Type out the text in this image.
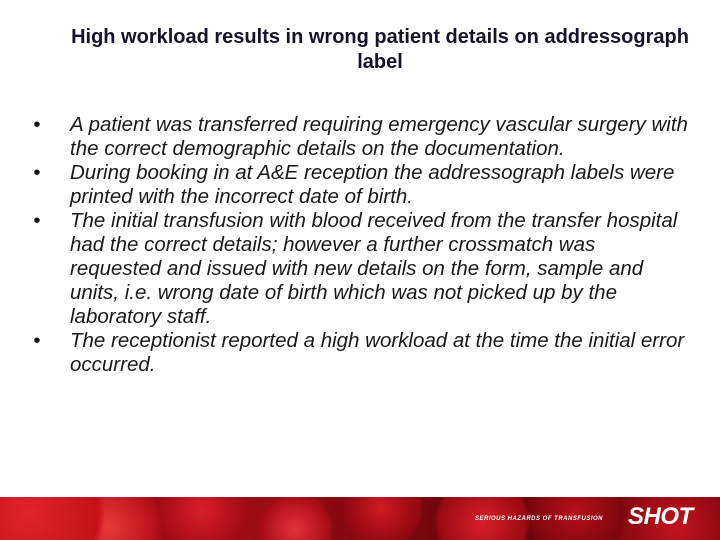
High workload results in wrong patient details on addressograph label
• A patient was transferred requiring emergency vascular surgery with the correct demographic details on the documentation.
• During booking in at A&E reception the addressograph labels were printed with the incorrect date of birth.
• The initial transfusion with blood received from the transfer hospital had the correct details; however a further crossmatch was requested and issued with new details on the form, sample and units, i.e. wrong date of birth which was not picked up by the laboratory staff.
• The receptionist reported a high workload at the time the initial error occurred.
SERIOUS HAZARDS OF TRANSFUSION SHOT
